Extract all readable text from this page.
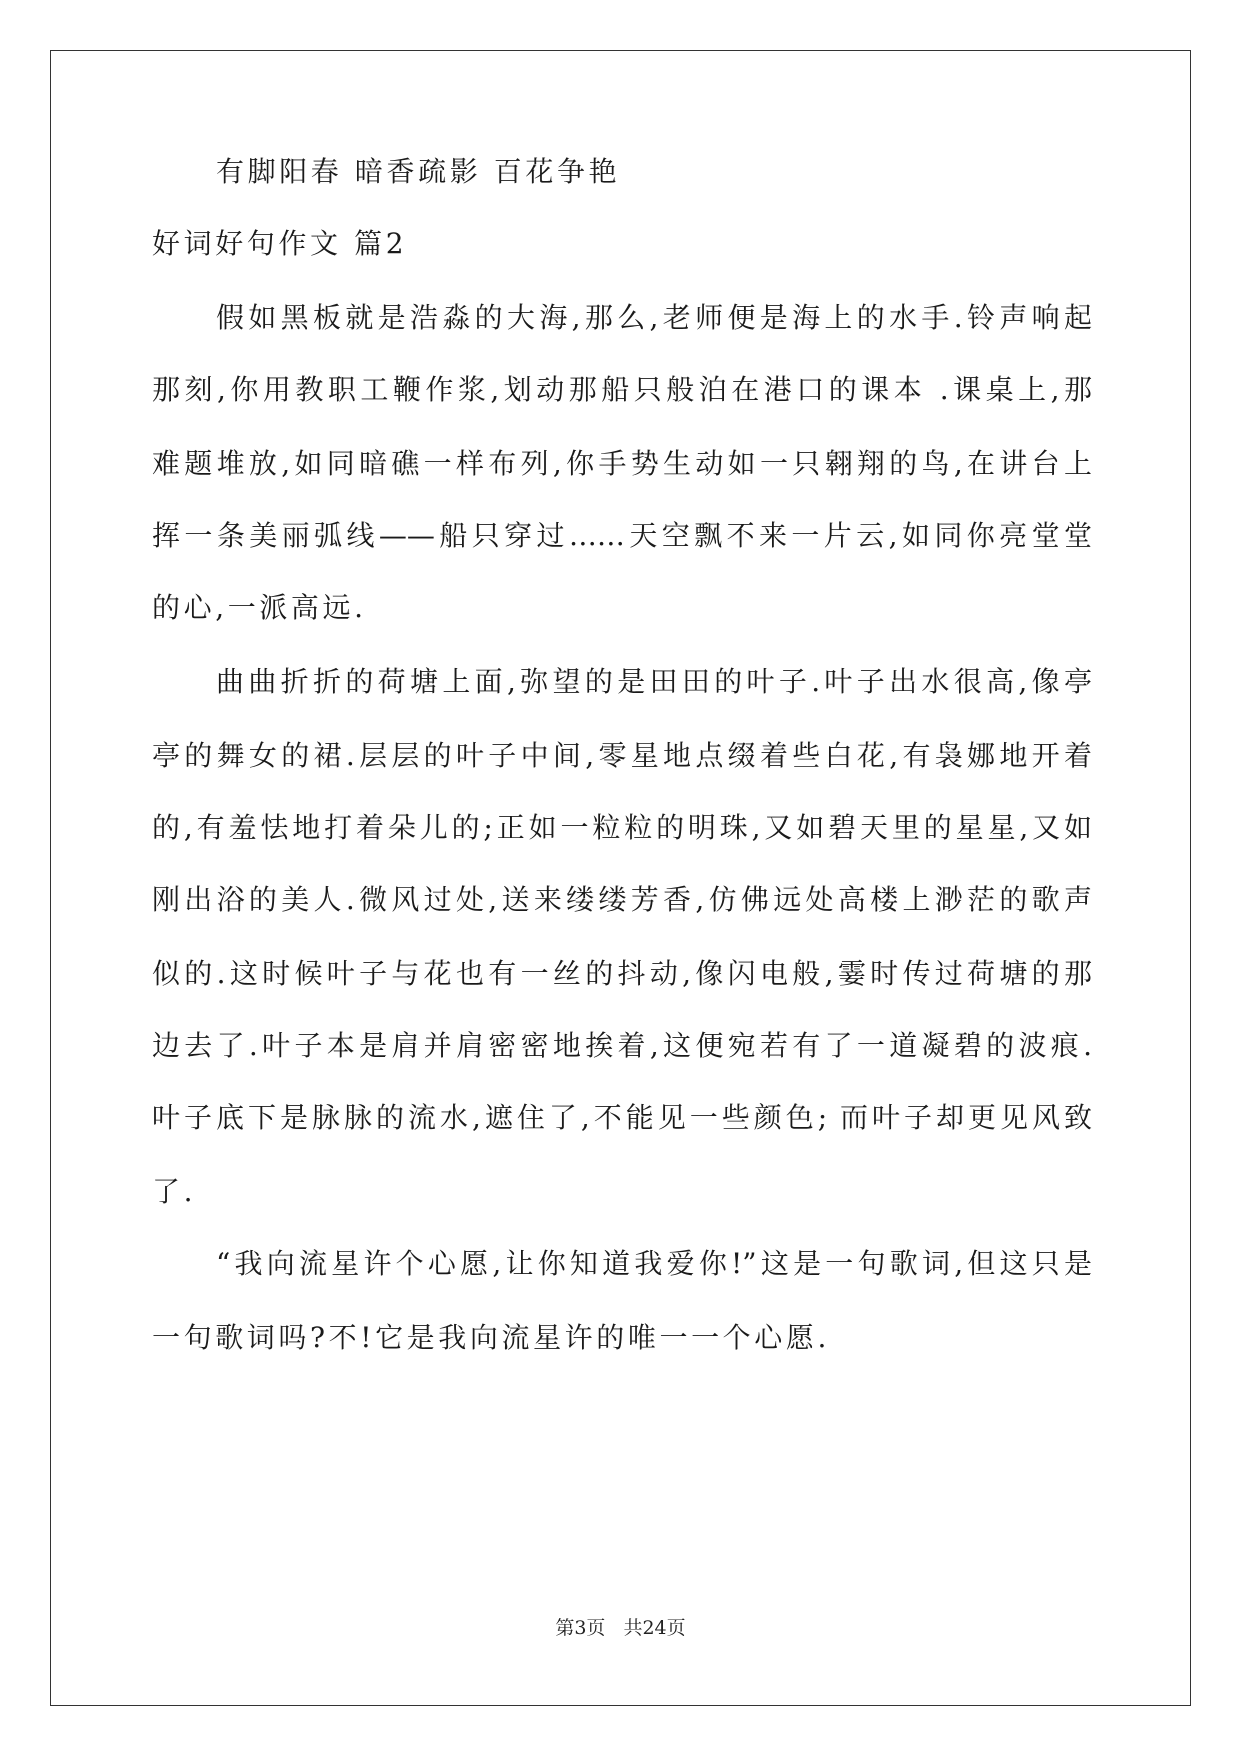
有脚阳春 暗香疏影 百花争艳
好词好句作文 篇2
假如黑板就是浩淼的大海,那么,老师便是海上的水手.铃声响起
那刻,你用教职工鞭作浆,划动那船只般泊在港口的课本 .课桌上,那
难题堆放,如同暗礁一样布列,你手势生动如一只翱翔的鸟,在讲台上
挥一条美丽弧线——船只穿过……天空飘不来一片云,如同你亮堂堂
的心,一派高远.
曲曲折折的荷塘上面,弥望的是田田的叶子.叶子出水很高,像亭
亭的舞女的裙.层层的叶子中间,零星地点缀着些白花,有袅娜地开着
的,有羞怯地打着朵儿的;正如一粒粒的明珠,又如碧天里的星星,又如
刚出浴的美人.微风过处,送来缕缕芳香,仿佛远处高楼上渺茫的歌声
似的.这时候叶子与花也有一丝的抖动,像闪电般,霎时传过荷塘的那
边去了.叶子本是肩并肩密密地挨着,这便宛若有了一道凝碧的波痕.
叶子底下是脉脉的流水,遮住了,不能见一些颜色; 而叶子却更见风致
了.
“我向流星许个心愿,让你知道我爱你!”这是一句歌词,但这只是
一句歌词吗?不!它是我向流星许的唯一一个心愿.
第3页 共24页
